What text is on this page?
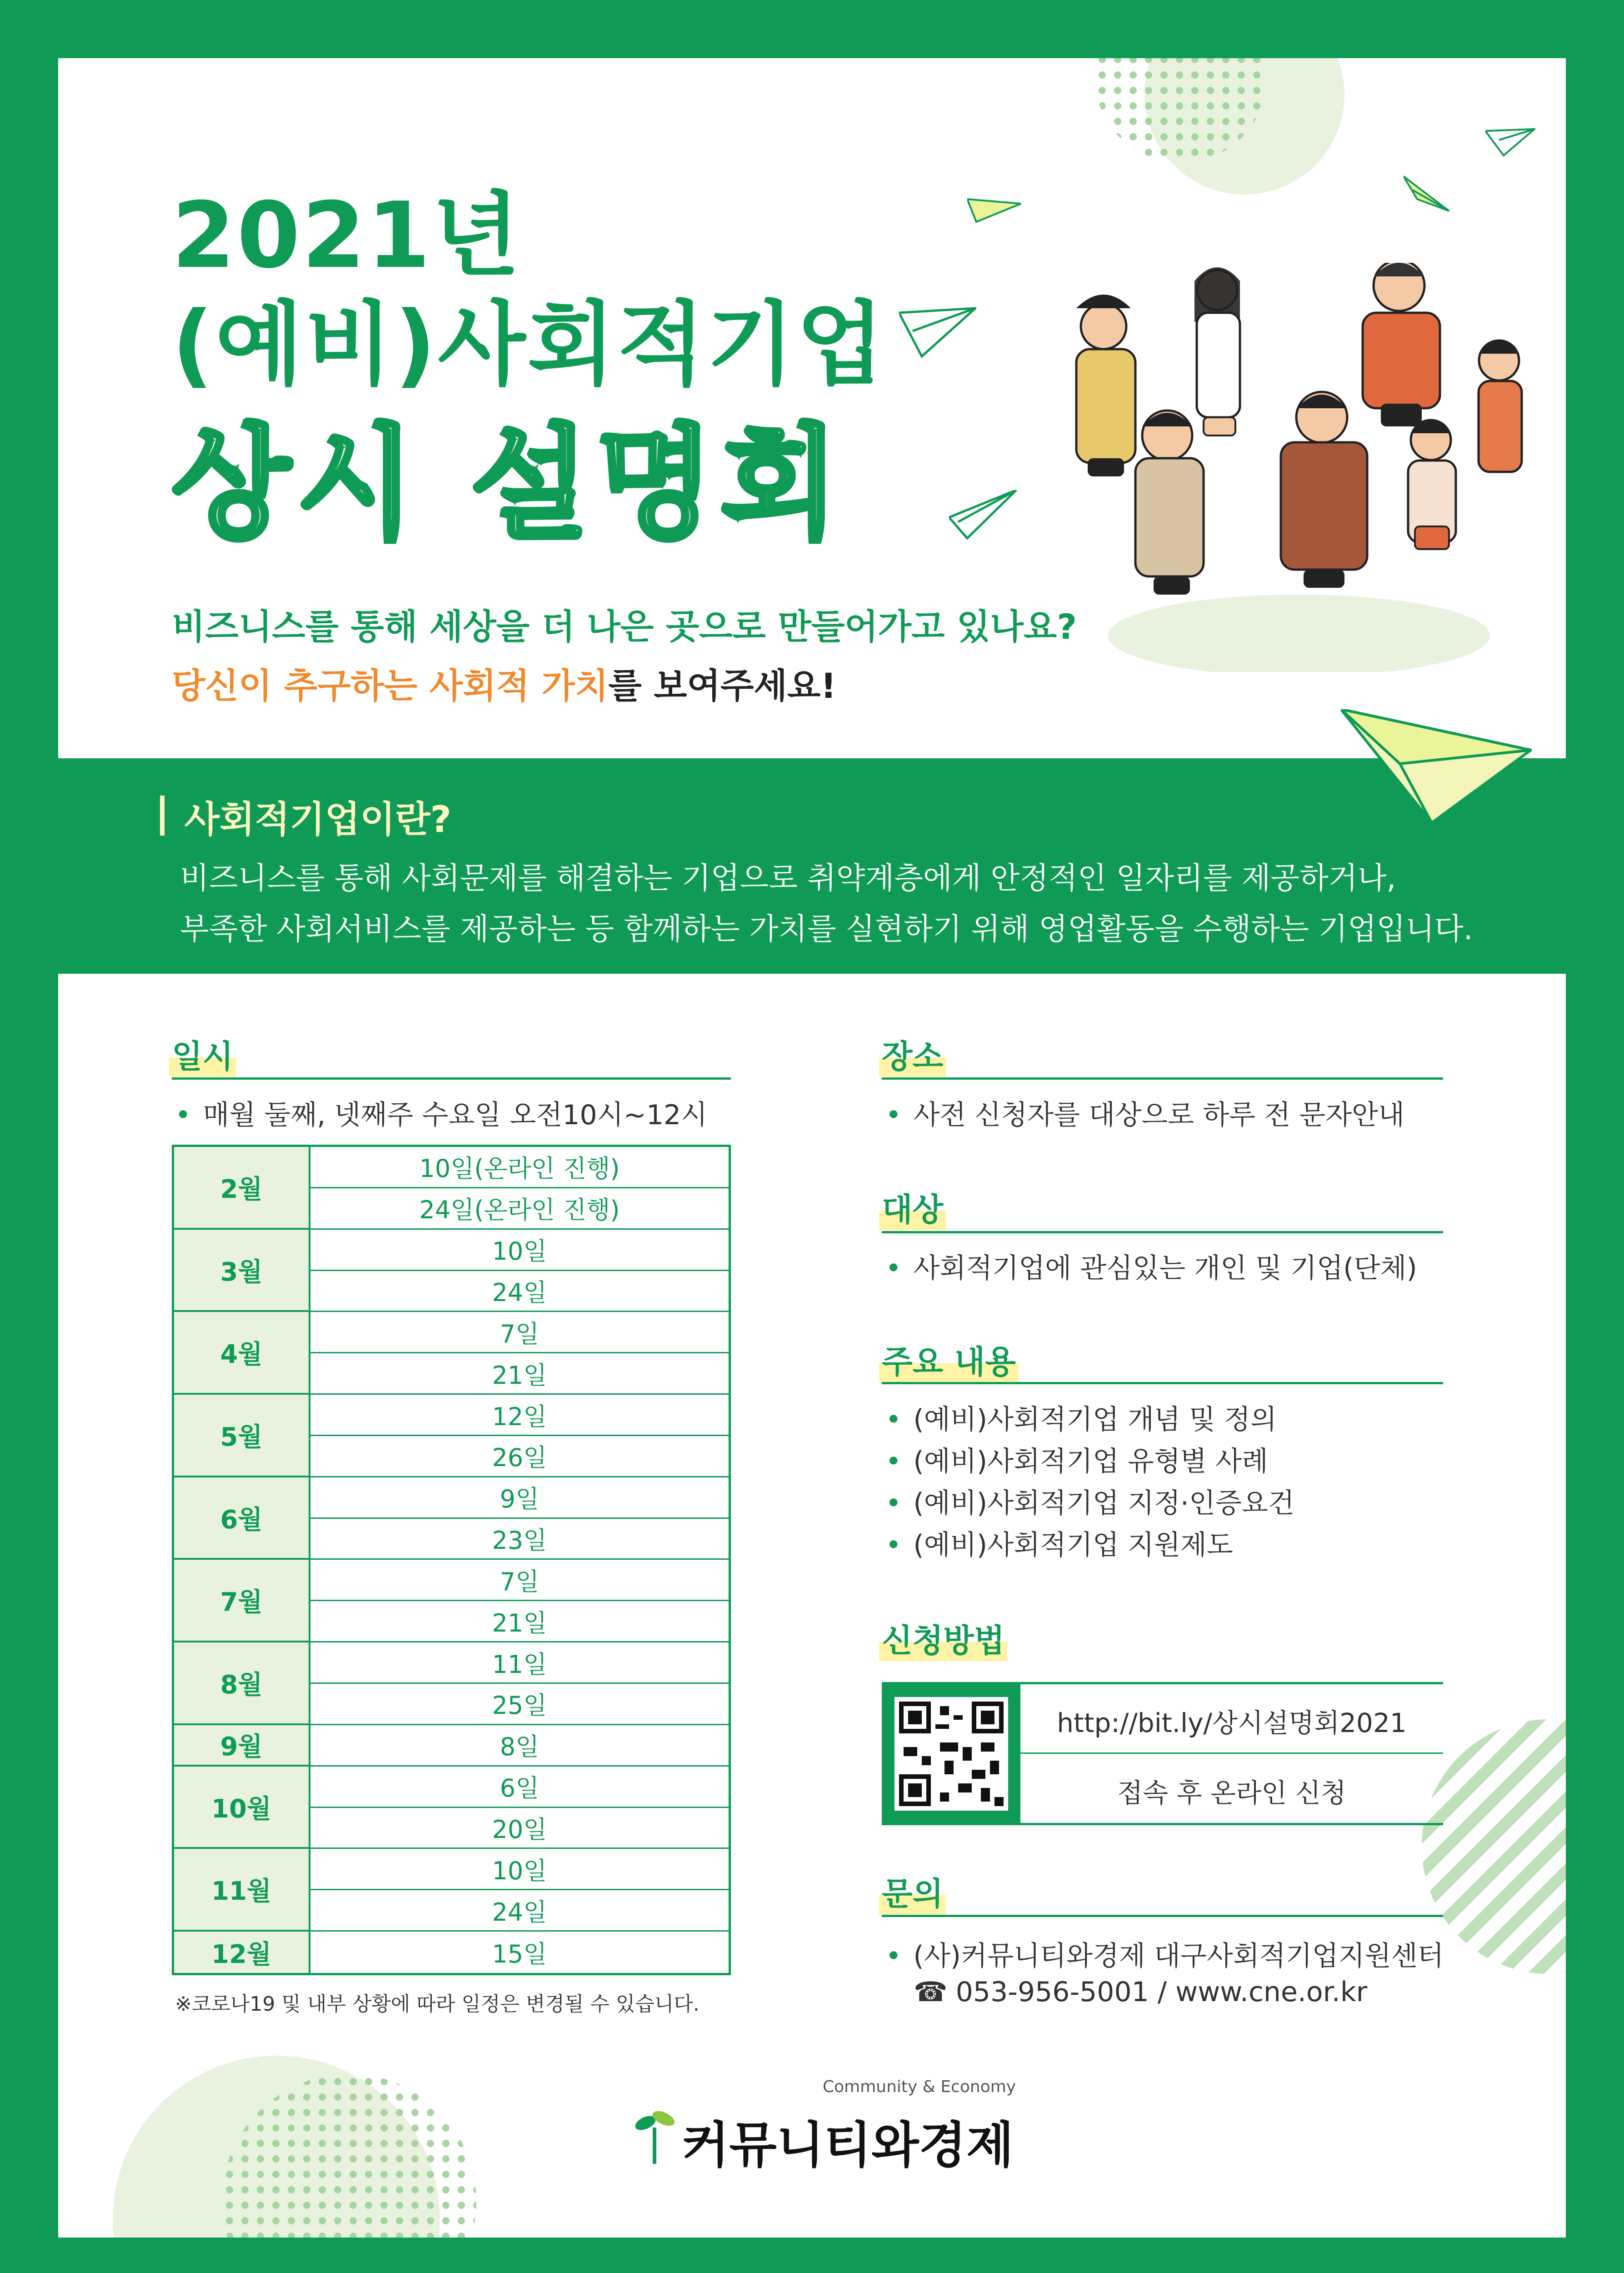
2021년
(예비)사회적기업
상시 설명회
비즈니스를 통해 세상을 더 나은 곳으로 만들어가고 있나요?
당신이 추구하는 사회적 가치를 보여주세요!
사회적기업이란?

비즈니스를 통해 사회문제를 해결하는 기업으로 취약계층에게 안정적인 일자리를 제공하거나,

부족한 사회서비스를 제공하는 등 함께하는 가치를 실현하기 위해 영업활동을 수행하는 기업입니다.

일시

• 매월 둘째, 넷째주 수요일 오전10시~12시

2월
10일(온라인 진행)
24일(온라인 진행)
3월
10일
24일
4월
7일
21일
5월
12일
26일
6월
9일
23일
7월
7일
21일
8월
11일
25일
9월	8일
10월
6일
20일
11월
10일
24일
12월	15일

※코로나19 및 내부 상황에 따라 일정은 변경될 수 있습니다.

장소

• 사전 신청자를 대상으로 하루 전 문자안내

대상

• 사회적기업에 관심있는 개인 및 기업(단체)

주요 내용

• (예비)사회적기업 개념 및 정의

• (예비)사회적기업 유형별 사례

• (예비)사회적기업 지정·인증요건

• (예비)사회적기업 지원제도

신청방법

http://bit.ly/상시설명회2021

접속 후 온라인 신청

문의

• (사)커뮤니티와경제 대구사회적기업지원센터

☎ 053-956-5001 / www.cne.or.kr

Community & Economy

커뮤니티와경제
